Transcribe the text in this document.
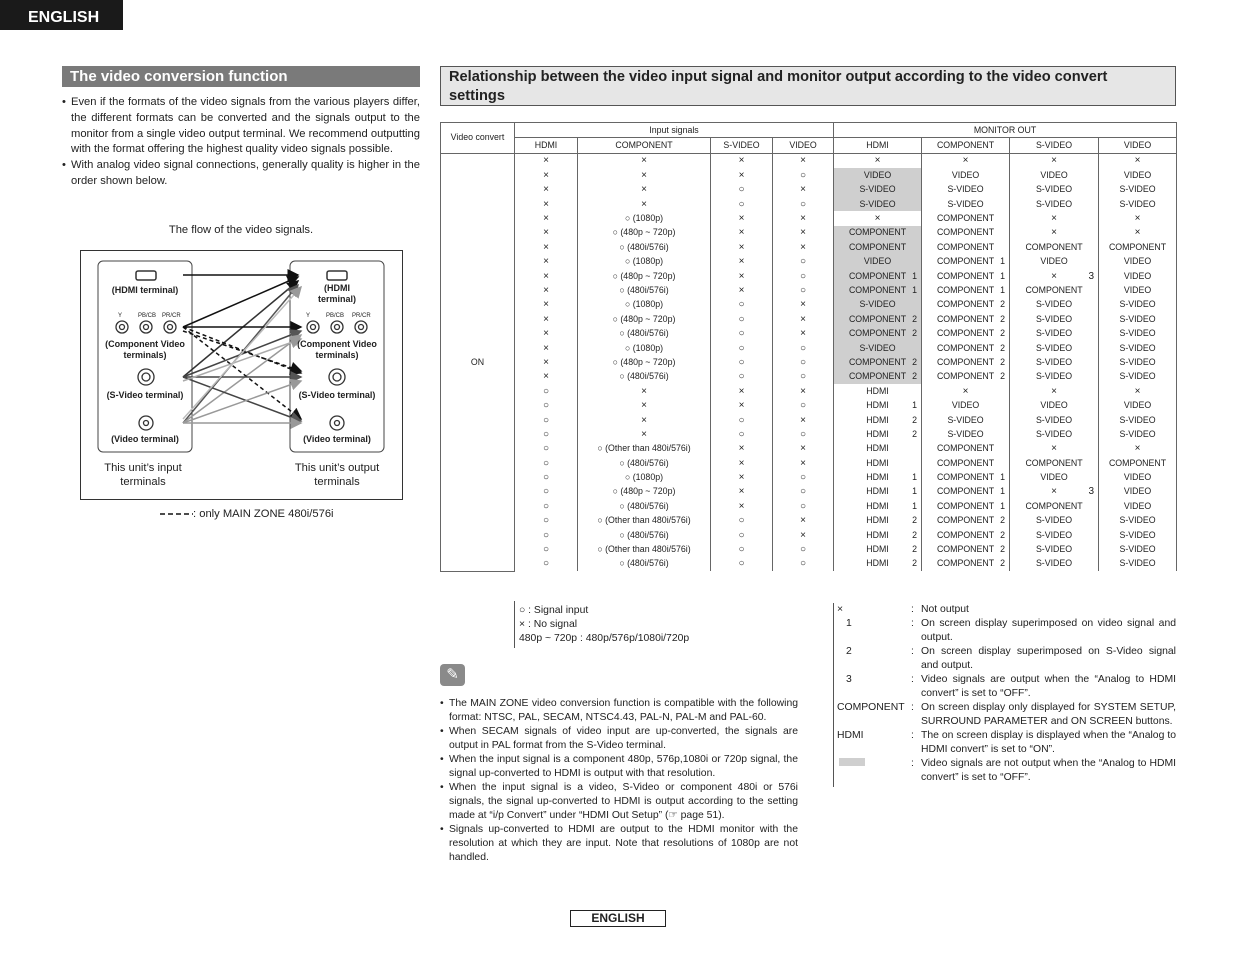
ENGLISH
The video conversion function
• Even if the formats of the video signals from the various players differ, the different formats can be converted and the signals output to the monitor from a single video output terminal. We recommend outputting with the format offering the highest quality video signals possible.
• With analog video signal connections, generally quality is higher in the order shown below.
The flow of the video signals.
(HDMI terminal)
Y	PB/CB PR/CR
(Component Video terminals)
(S-Video terminal)
(Video terminal)
(HDMI terminal)
Y	PB/CB PR/CR
(Component Video terminals)
(S-Video terminal)
(Video terminal)
This unit’s input terminals
This unit’s output terminals
: only MAIN ZONE 480i/576i
Relationship between the video input signal and monitor output according to the video convert settings
Video convert	Input signals				MONITOR OUT			
	HDMI	COMPONENT	S-VIDEO	VIDEO	HDMI	COMPONENT	S-VIDEO	VIDEO
ON	×	×	×	×	×	×	×	×

	×	×	×	○	VIDEO	VIDEO	VIDEO	VIDEO

	×	×	○	×	S-VIDEO	S-VIDEO	S-VIDEO	S-VIDEO

	×	×	○	○	S-VIDEO	S-VIDEO	S-VIDEO	S-VIDEO

	×	○ (1080p)	×	×	×	COMPONENT	×	×

	×	○ (480p ~ 720p)	×	×	COMPONENT	COMPONENT	×	×

	×	○ (480i/576i)	×	×	COMPONENT	COMPONENT	COMPONENT	COMPONENT

	×	○ (1080p)	×	○	VIDEO	COMPONENT 1	VIDEO	VIDEO

	×	○ (480p ~ 720p)	×	○	COMPONENT 1	COMPONENT 1	× 3	VIDEO

	×	○ (480i/576i)	×	○	COMPONENT 1	COMPONENT 1	COMPONENT	VIDEO

	×	○ (1080p)	○	×	S-VIDEO	COMPONENT 2	S-VIDEO	S-VIDEO

	×	○ (480p ~ 720p)	○	×	COMPONENT 2	COMPONENT 2	S-VIDEO	S-VIDEO

	×	○ (480i/576i)	○	×	COMPONENT 2	COMPONENT 2	S-VIDEO	S-VIDEO

	×	○ (1080p)	○	○	S-VIDEO	COMPONENT 2	S-VIDEO	S-VIDEO

	×	○ (480p ~ 720p)	○	○	COMPONENT 2	COMPONENT 2	S-VIDEO	S-VIDEO

	×	○ (480i/576i)	○	○	COMPONENT 2	COMPONENT 2	S-VIDEO	S-VIDEO

	○	×	×	×	HDMI	×	×	×

	○	×	×	○	HDMI 1	VIDEO	VIDEO	VIDEO

	○	×	○	×	HDMI 2	S-VIDEO	S-VIDEO	S-VIDEO

	○	×	○	○	HDMI 2	S-VIDEO	S-VIDEO	S-VIDEO

	○	○ (Other than 480i/576i)	×	×	HDMI	COMPONENT	×	×

	○	○ (480i/576i)	×	×	HDMI	COMPONENT	COMPONENT	COMPONENT

	○	○ (1080p)	×	○	HDMI 1	COMPONENT 1	VIDEO	VIDEO

	○	○ (480p ~ 720p)	×	○	HDMI 1	COMPONENT 1	× 3	VIDEO

	○	○ (480i/576i)	×	○	HDMI 1	COMPONENT 1	COMPONENT	VIDEO

	○	○ (Other than 480i/576i)	○	×	HDMI 2	COMPONENT 2	S-VIDEO	S-VIDEO

	○	○ (480i/576i)	○	×	HDMI 2	COMPONENT 2	S-VIDEO	S-VIDEO

	○	○ (Other than 480i/576i)	○	○	HDMI 2	COMPONENT 2	S-VIDEO	S-VIDEO

	○	○ (480i/576i)	○	○	HDMI 2	COMPONENT 2	S-VIDEO	S-VIDEO
○ : Signal input
× : No signal
480p ~ 720p : 480p/576p/1080i/720p
✎
• The MAIN ZONE video conversion function is compatible with the following format: NTSC, PAL, SECAM, NTSC4.43, PAL-N, PAL-M and PAL-60.
• When SECAM signals of video input are up-converted, the signals are output in PAL format from the S-Video terminal.
• When the input signal is a component 480p, 576p,1080i or 720p signal, the signal up-converted to HDMI is output with that resolution.
• When the input signal is a video, S-Video or component 480i or 576i signals, the signal up-converted to HDMI is output according to the setting made at “i/p Convert” under “HDMI Out Setup” (☞ page 51).
• Signals up-converted to HDMI are output to the HDMI monitor with the resolution at which they are input. Note that resolutions of 1080p are not handled.
×	: Not output
1	: On screen display superimposed on video signal and output.
2	: On screen display superimposed on S-Video signal and output.
3	: Video signals are output when the “Analog to HDMI convert” is set to “OFF”.
COMPONENT : On screen display only displayed for SYSTEM SETUP, SURROUND PARAMETER and ON SCREEN buttons.
HDMI	: The on screen display is displayed when the “Analog to HDMI convert” is set to “ON”.
: Video signals are not output when the “Analog to HDMI convert” is set to “OFF”.
ENGLISH
